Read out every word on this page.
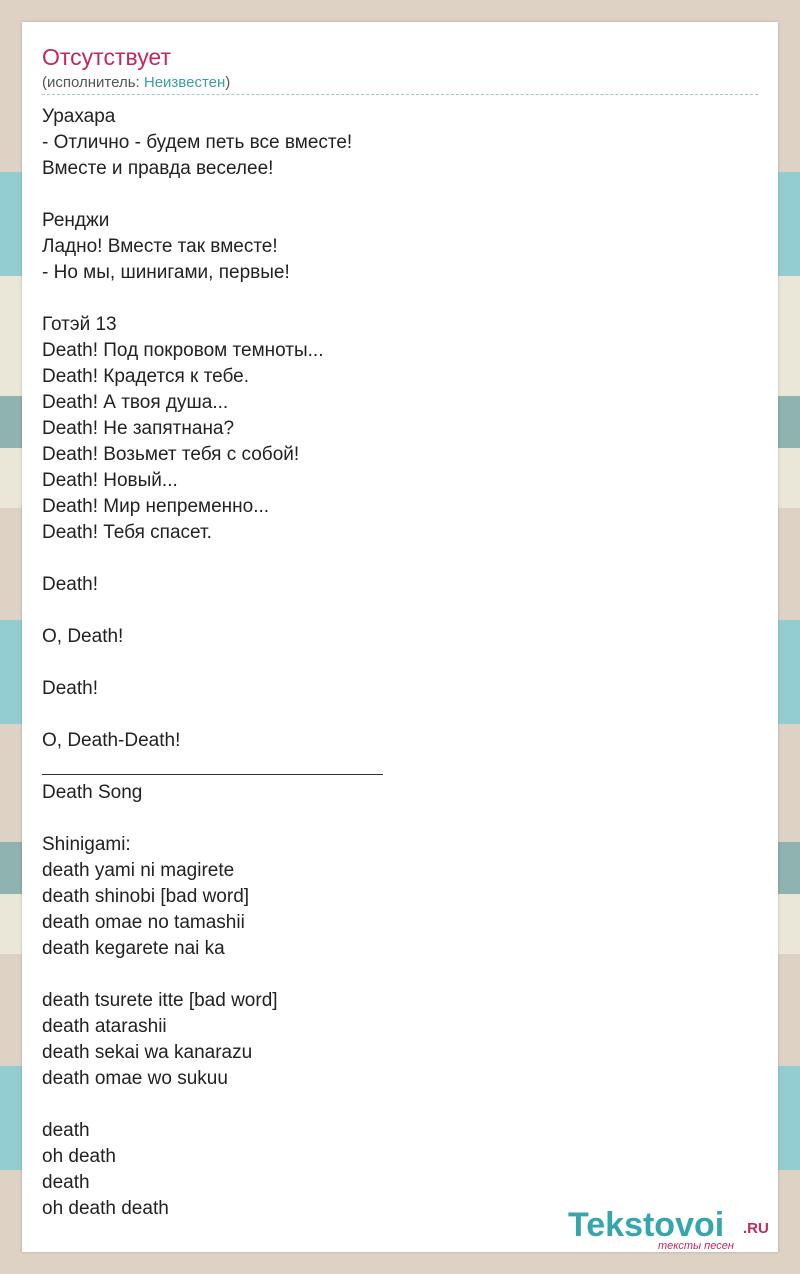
Отсутствует
(исполнитель: Неизвестен)
Урахара
- Отлично - будем петь все вместе!
Вместе и правда веселее!
Ренджи
Ладно! Вместе так вместе!
- Но мы, шинигами, первые!
Готэй 13
Death! Под покровом темноты...
Death! Крадется к тебе.
Death! А твоя душа...
Death! Не запятнана?
Death! Возьмет тебя с собой!
Death! Новый...
Death! Мир непременно...
Death! Тебя спасет.
Death!
O, Death!
Death!
O, Death-Death!
Death Song
Shinigami:
death yami ni magirete
death shinobi [bad word]
death omae no tamashii
death kegarete nai ka
death tsurete itte [bad word]
death atarashii
death sekai wa kanarazu
death omae wo sukuu
death
oh death
death
oh death death	Tekstovoi .RU
тексты песен
